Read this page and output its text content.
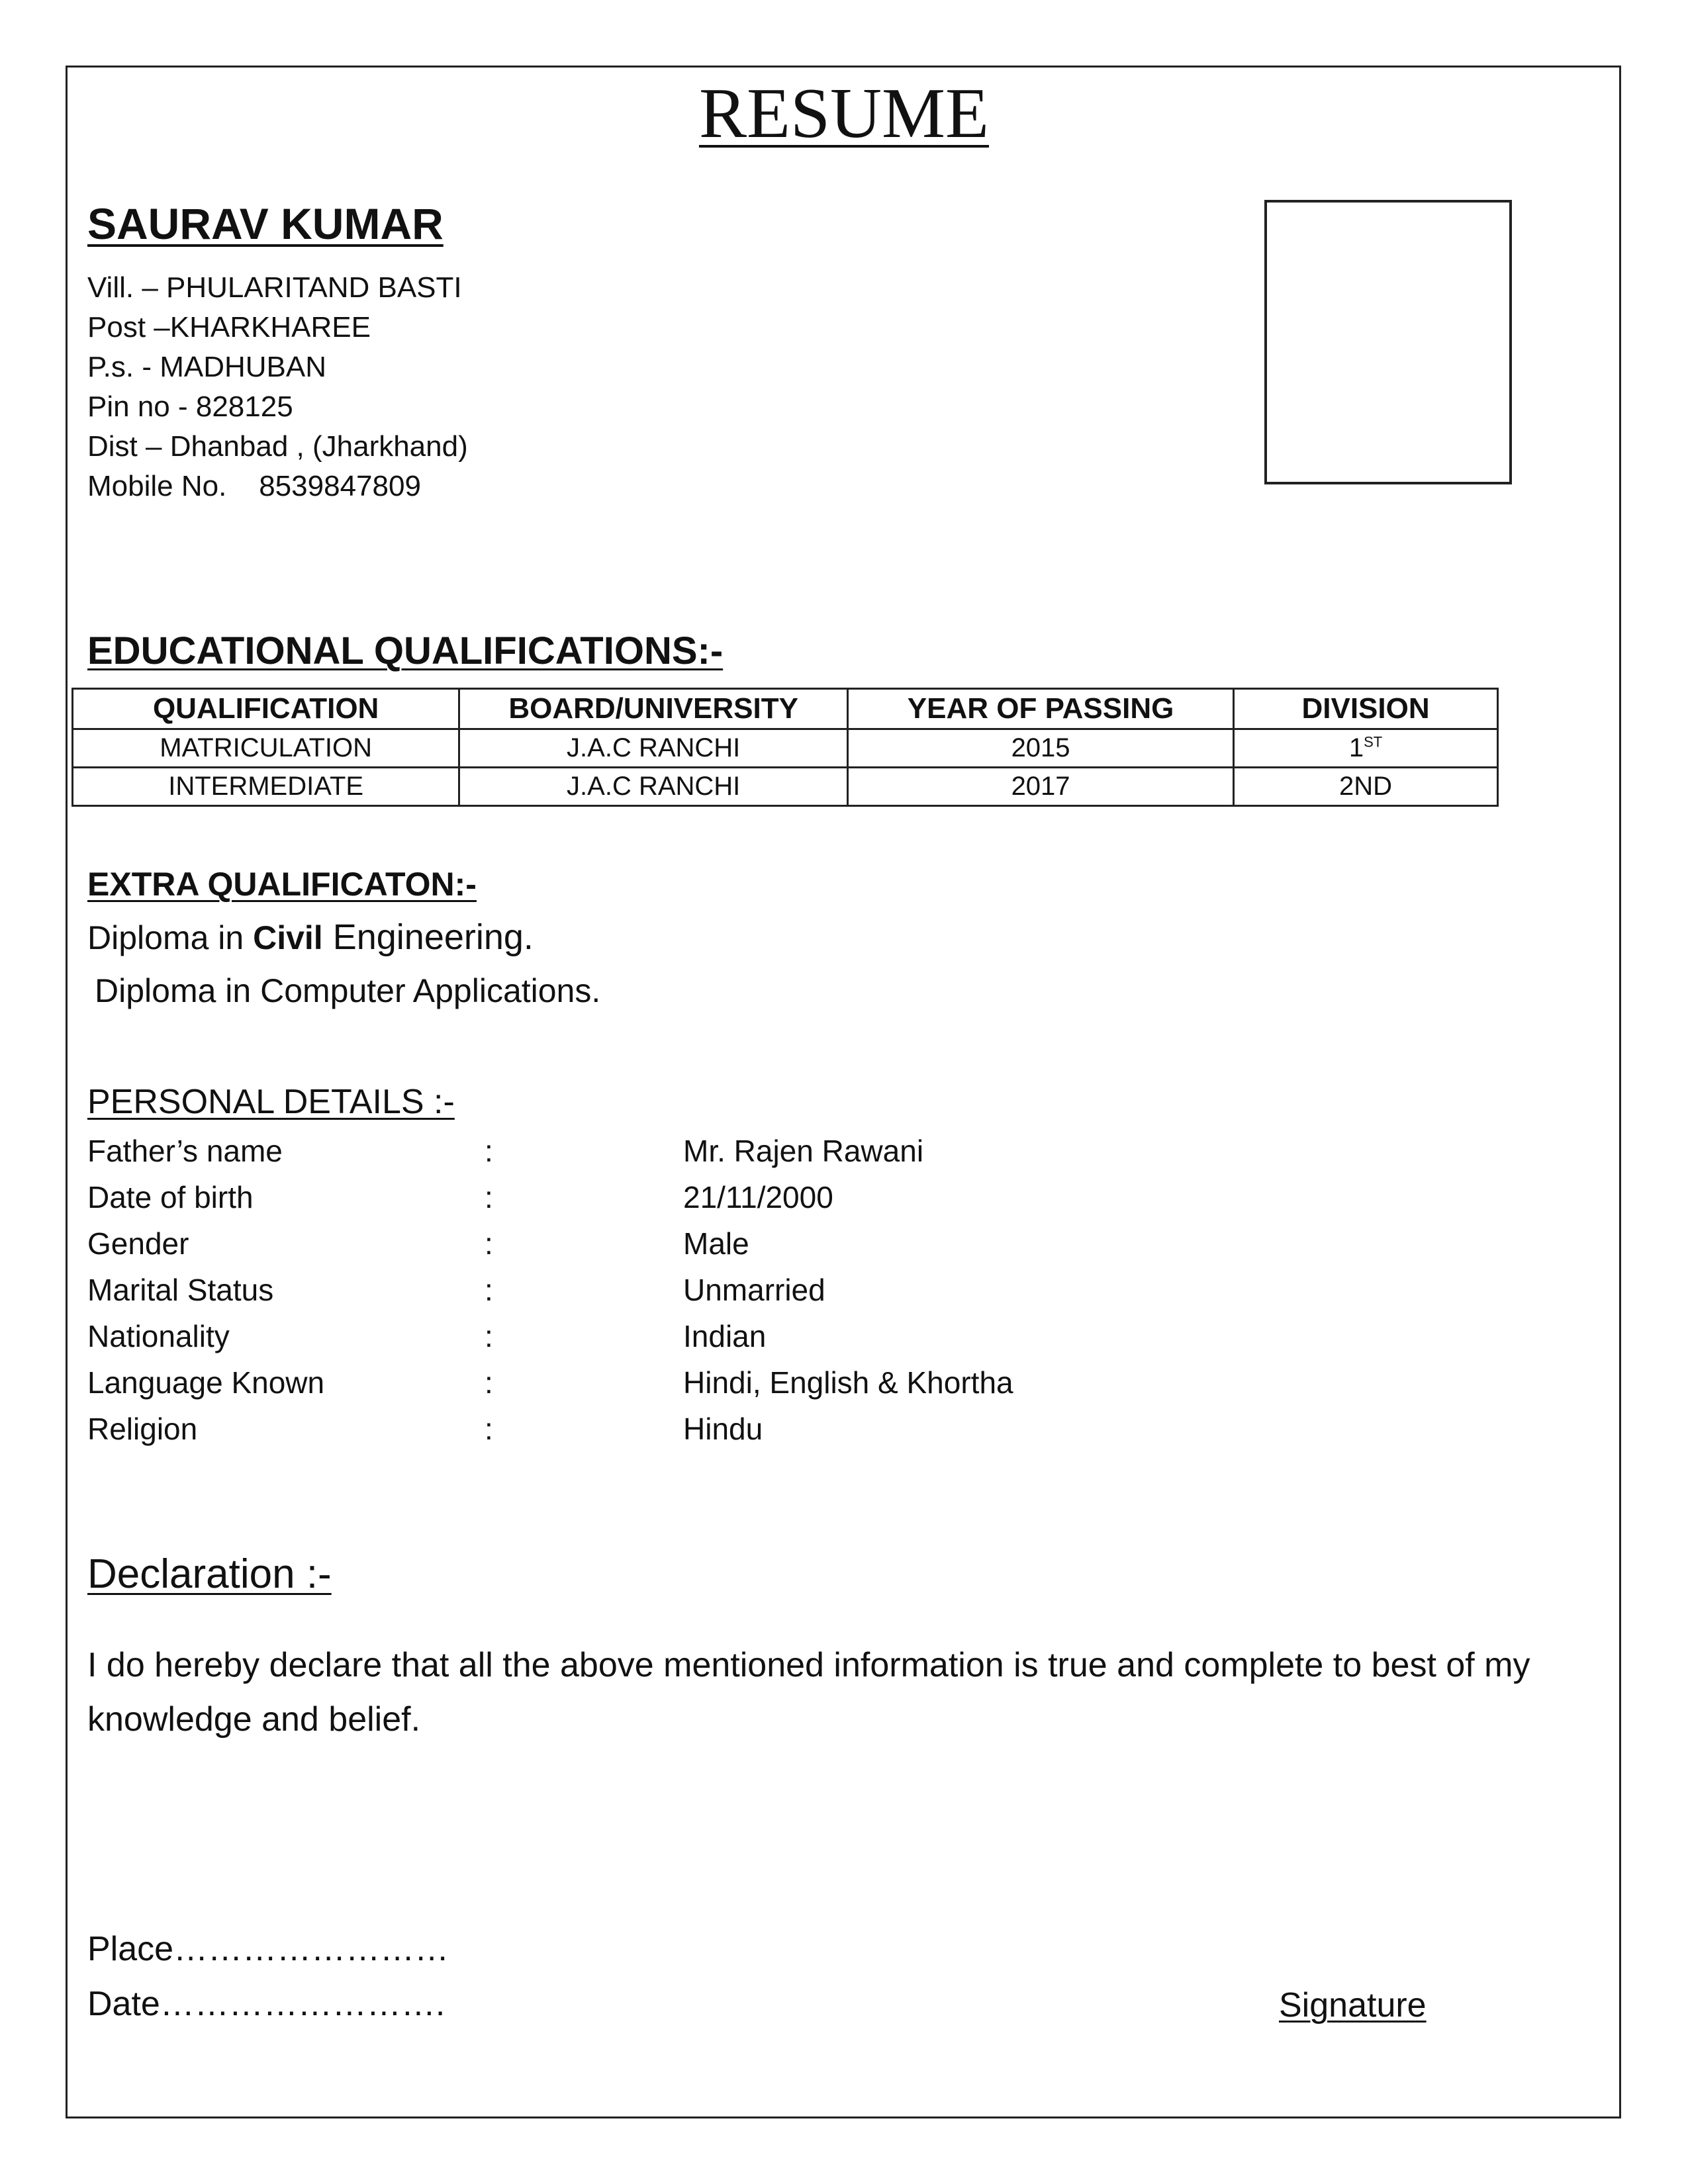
RESUME
SAURAV KUMAR
Vill. – PHULARITAND BASTI
Post –KHARKHAREE
P.s. - MADHUBAN
Pin no - 828125
Dist – Dhanbad , (Jharkhand)
Mobile No.    8539847809
EDUCATIONAL QUALIFICATIONS:-
QUALIFICATION	BOARD/UNIVERSITY	YEAR OF PASSING	DIVISION
MATRICULATION	J.A.C RANCHI	2015	1ST
INTERMEDIATE	J.A.C RANCHI	2017	2ND
EXTRA QUALIFICATON:-
Diploma in Civil Engineering.
Diploma in Computer Applications.
PERSONAL DETAILS :-
Father’s name	:	Mr. Rajen Rawani
Date of birth	:	21/11/2000
Gender	:	Male
Marital Status	:	Unmarried
Nationality	:	Indian
Language Known	:	Hindi, English & Khortha
Religion	:	Hindu
Declaration :-
I do hereby declare that all the above mentioned information is true and complete to best of my knowledge and belief.
Place……………………
Date…………………….	Signature
